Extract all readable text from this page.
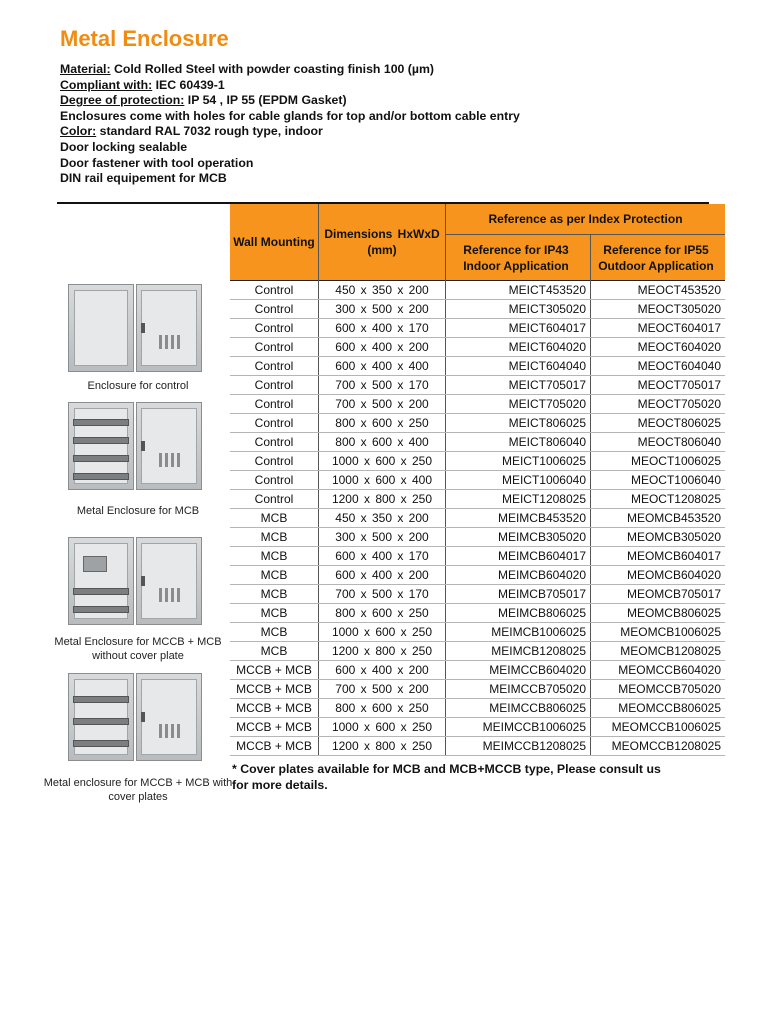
Metal Enclosure
Material: Cold Rolled Steel with powder coasting finish 100 (µm)
Compliant with: IEC 60439-1
Degree of protection: IP 54 , IP 55 (EPDM Gasket)
Enclosures come with holes for cable glands for top and/or bottom cable entry
Color: standard RAL 7032 rough type, indoor
Door locking sealable
Door fastener with tool operation
DIN rail equipement for MCB
Enclosure for control
Metal Enclosure for MCB
Metal Enclosure for MCCB + MCB without cover plate
Metal enclosure for MCCB + MCB with cover plates
Wall Mounting	Dimensions HxWxD (mm)	Reference as per Index Protection	
		Reference for IP43 Indoor Application	Reference for IP55 Outdoor Application
Control	450 x 350 x 200	MEICT453520	MEOCT453520
Control	300 x 500 x 200	MEICT305020	MEOCT305020
Control	600 x 400 x 170	MEICT604017	MEOCT604017
Control	600 x 400 x 200	MEICT604020	MEOCT604020
Control	600 x 400 x 400	MEICT604040	MEOCT604040
Control	700 x 500 x 170	MEICT705017	MEOCT705017
Control	700 x 500 x 200	MEICT705020	MEOCT705020
Control	800 x 600 x 250	MEICT806025	MEOCT806025
Control	800 x 600 x 400	MEICT806040	MEOCT806040
Control	1000 x 600 x 250	MEICT1006025	MEOCT1006025
Control	1000 x 600 x 400	MEICT1006040	MEOCT1006040
Control	1200 x 800 x 250	MEICT1208025	MEOCT1208025
MCB	450 x 350 x 200	MEIMCB453520	MEOMCB453520
MCB	300 x 500 x 200	MEIMCB305020	MEOMCB305020
MCB	600 x 400 x 170	MEIMCB604017	MEOMCB604017
MCB	600 x 400 x 200	MEIMCB604020	MEOMCB604020
MCB	700 x 500 x 170	MEIMCB705017	MEOMCB705017
MCB	800 x 600 x 250	MEIMCB806025	MEOMCB806025
MCB	1000 x 600 x 250	MEIMCB1006025	MEOMCB1006025
MCB	1200 x 800 x 250	MEIMCB1208025	MEOMCB1208025
MCCB + MCB	600 x 400 x 200	MEIMCCB604020	MEOMCCB604020
MCCB + MCB	700 x 500 x 200	MEIMCCB705020	MEOMCCB705020
MCCB + MCB	800 x 600 x 250	MEIMCCB806025	MEOMCCB806025
MCCB + MCB	1000 x 600 x 250	MEIMCCB1006025	MEOMCCB1006025
MCCB + MCB	1200 x 800 x 250	MEIMCCB1208025	MEOMCCB1208025
* Cover plates available for MCB and MCB+MCCB type, Please consult us for more details.
